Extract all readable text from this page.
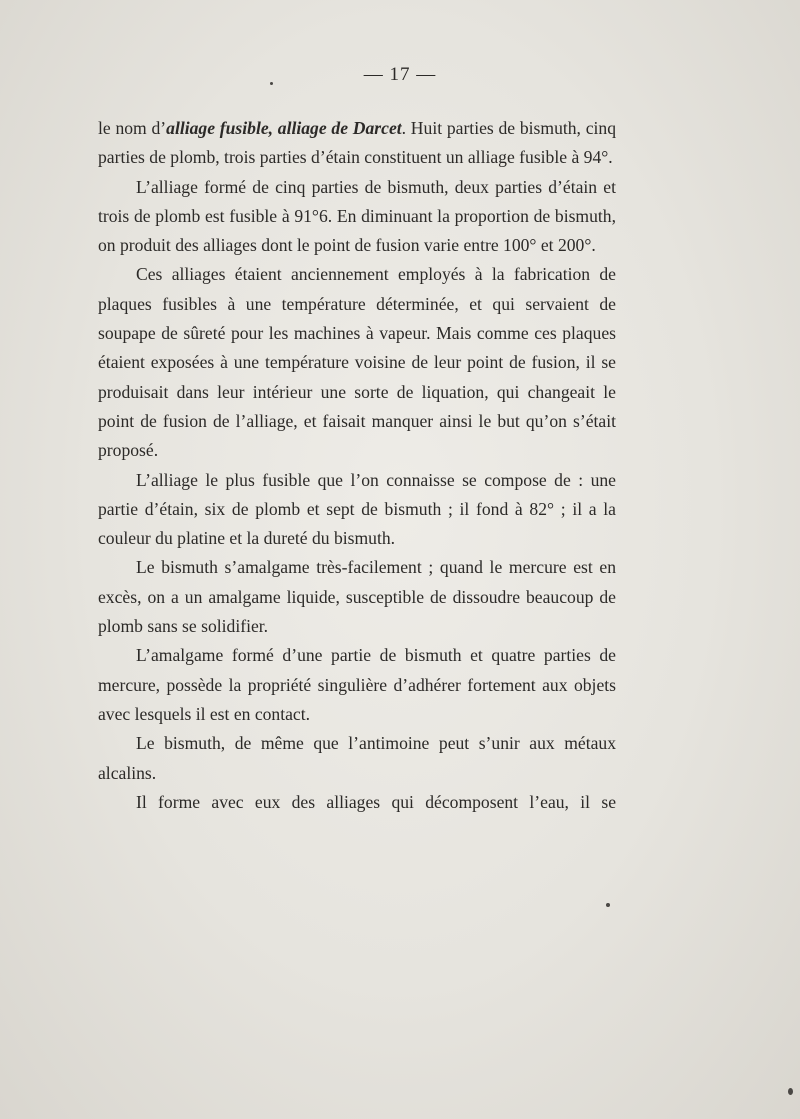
— 17 —

le nom d’alliage fusible, alliage de Darcet. Huit parties de bismuth, cinq parties de plomb, trois parties d’étain constituent un alliage fusible à 94°.

L’alliage formé de cinq parties de bismuth, deux parties d’étain et trois de plomb est fusible à 91°6. En diminuant la proportion de bismuth, on produit des alliages dont le point de fusion varie entre 100° et 200°.

Ces alliages étaient anciennement employés à la fabrication de plaques fusibles à une température déterminée, et qui servaient de soupape de sûreté pour les machines à vapeur. Mais comme ces plaques étaient exposées à une température voisine de leur point de fusion, il se produisait dans leur intérieur une sorte de liquation, qui changeait le point de fusion de l’alliage, et faisait manquer ainsi le but qu’on s’était proposé.

L’alliage le plus fusible que l’on connaisse se compose de : une partie d’étain, six de plomb et sept de bismuth ; il fond à 82° ; il a la couleur du platine et la dureté du bismuth.

Le bismuth s’amalgame très-facilement ; quand le mercure est en excès, on a un amalgame liquide, susceptible de dissoudre beaucoup de plomb sans se solidifier.

L’amalgame formé d’une partie de bismuth et quatre parties de mercure, possède la propriété singulière d’adhérer fortement aux objets avec lesquels il est en contact.

Le bismuth, de même que l’antimoine peut s’unir aux métaux alcalins.

Il forme avec eux des alliages qui décomposent l’eau, il se
